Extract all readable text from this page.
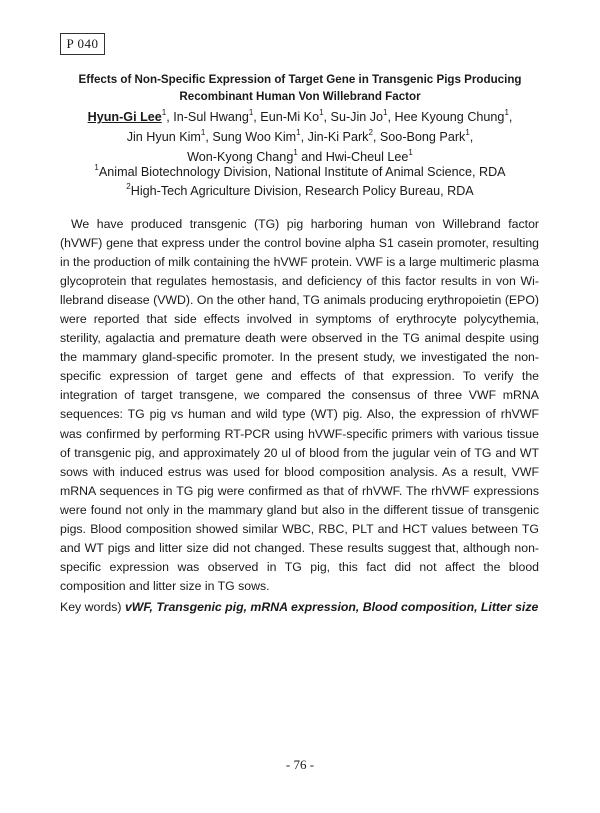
P 040
Effects of Non-Specific Expression of Target Gene in Transgenic Pigs Producing
Recombinant Human Von Willebrand Factor
Hyun-Gi Lee$^1$, In-Sul Hwang$^1$, Eun-Mi Ko$^1$, Su-Jin Jo$^1$, Hee Kyoung Chung$^1$,
Jin Hyun Kim$^1$, Sung Woo Kim$^1$, Jin-Ki Park$^2$, Soo-Bong Park$^1$,
Won-Kyong Chang$^1$ and Hwi-Cheul Lee$^1$
$^1$Animal Biotechnology Division, National Institute of Animal Science, RDA
$^2$High-Tech Agriculture Division, Research Policy Bureau, RDA

We have produced transgenic (TG) pig harboring human von Willebrand factor (hVWF) gene that express under the control bovine alpha S1 casein promoter, resulting in the production of milk containing the hVWF protein. VWF is a large multimeric plasma glycoprotein that regulates hemostasis, and deficiency of this factor results in von Willebrand disease (VWD). On the other hand, TG animals producing erythropoietin (EPO) were reported that side effects involved in symptoms of erythrocyte polycythemia, sterility, agalactia and premature death were observed in the TG animal despite using the mammary gland-specific promoter. In the present study, we investigated the non-specific expression of target gene and effects of that expression. To verify the integration of target transgene, we compared the consensus of three VWF mRNA sequences: TG pig vs human and wild type (WT) pig. Also, the expression of rhVWF was confirmed by performing RT-PCR using hVWF-specific primers with various tissue of transgenic pig, and approximately 20 ul of blood from the jugular vein of TG and WT sows with induced estrus was used for blood composition analysis. As a result, VWF mRNA sequences in TG pig were confirmed as that of rhVWF. The rhVWF expressions were found not only in the mammary gland but also in the different tissue of transgenic pigs. Blood composition showed similar WBC, RBC, PLT and HCT values between TG and WT pigs and litter size did not changed. These results suggest that, although non-specific expression was observed in TG pig, this fact did not affect the blood composition and litter size in TG sows.

Key words) vWF, Transgenic pig, mRNA expression, Blood composition, Litter size
- 76 -
